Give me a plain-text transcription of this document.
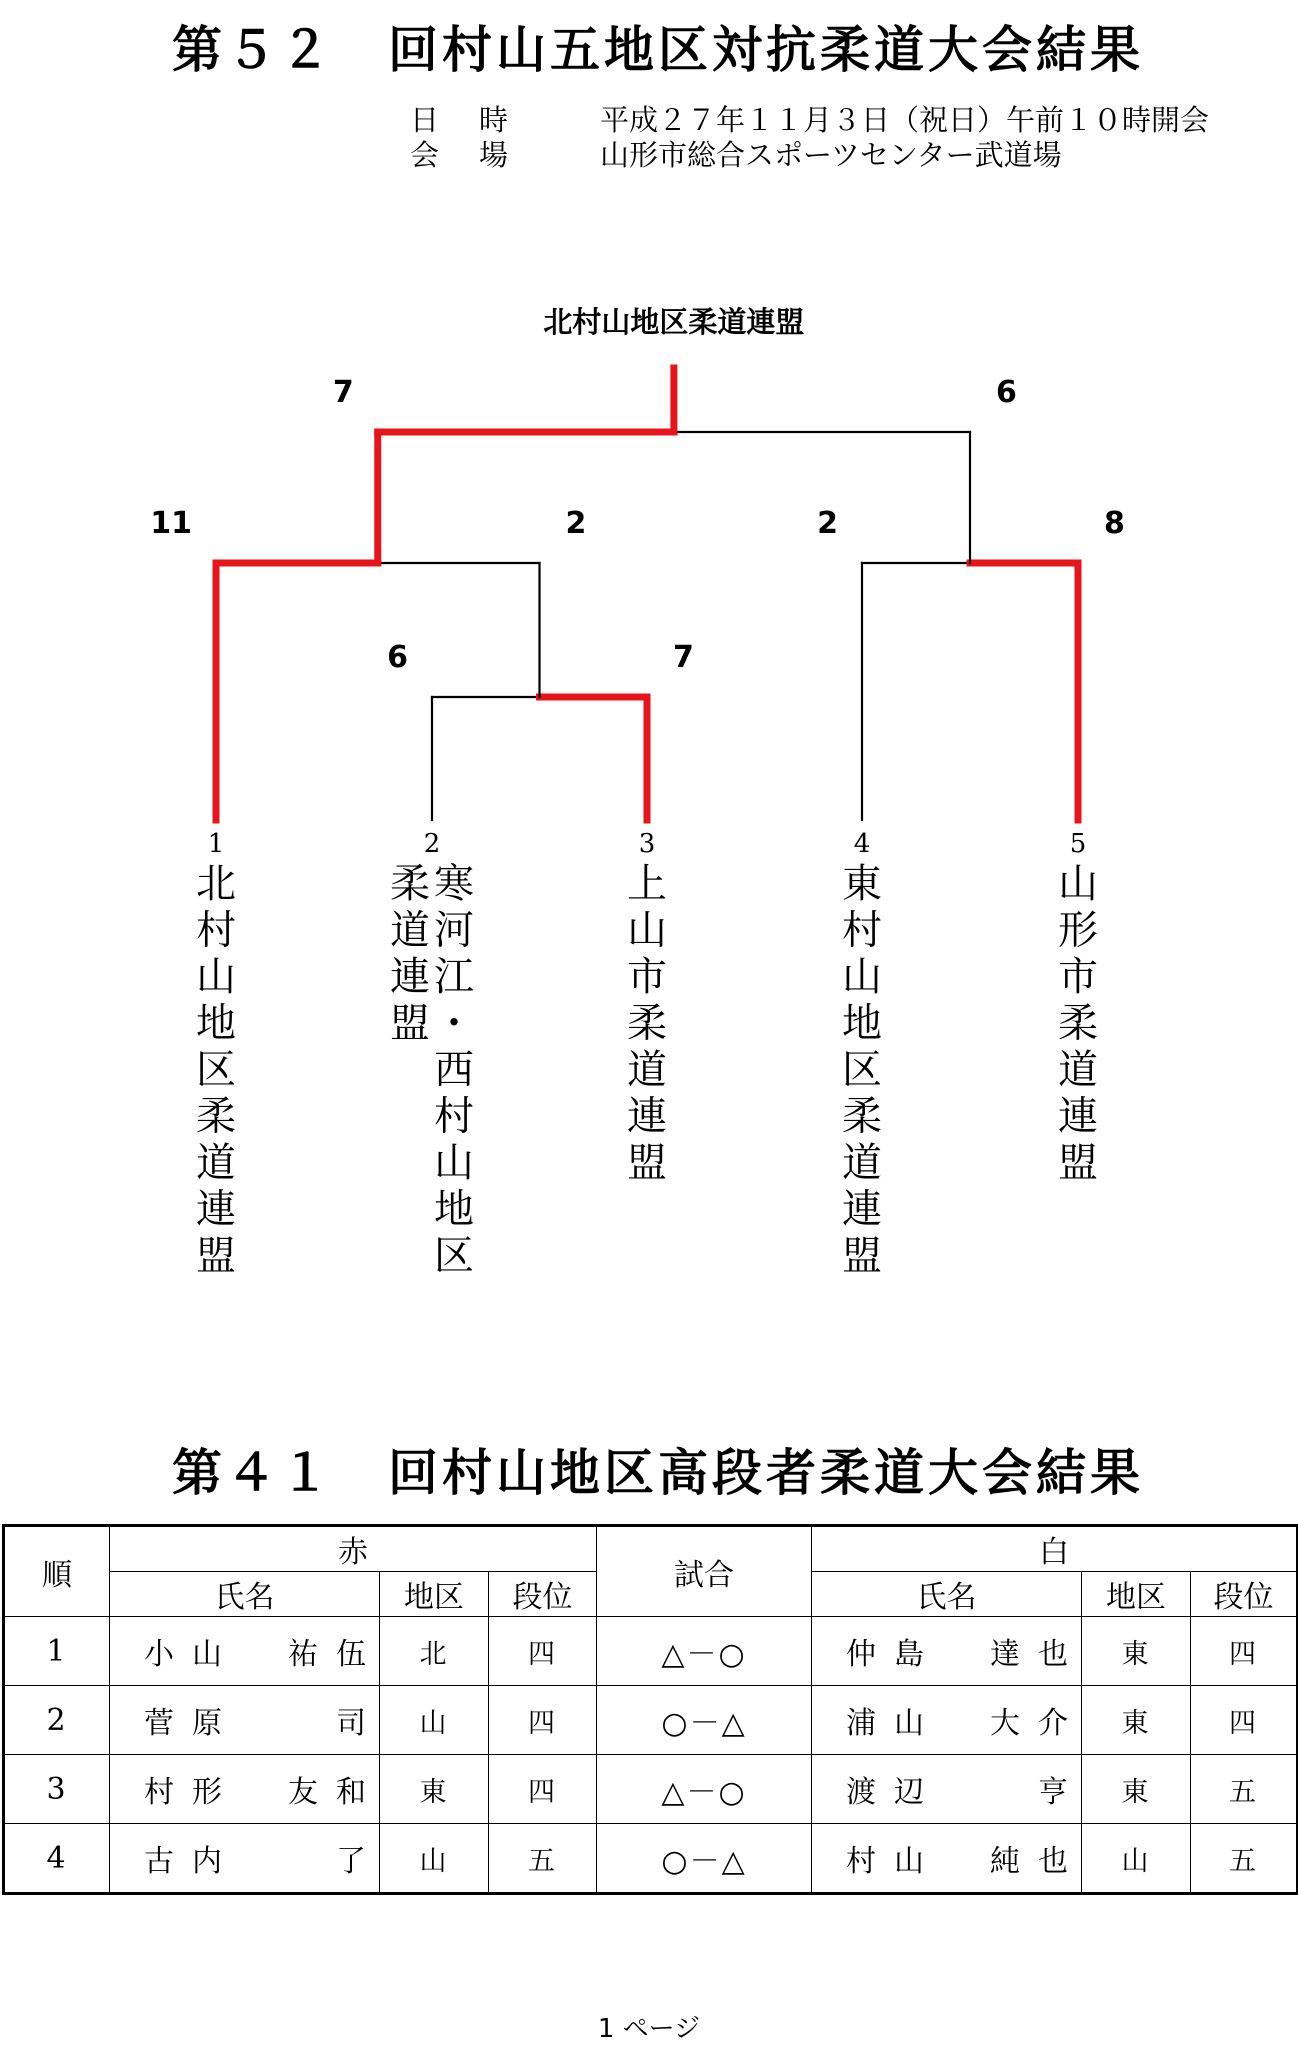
第５２　回村山五地区対抗柔道大会結果
日時 平成２７年１１月３日（祝日）午前１０時開会
会場 山形市総合スポーツセンター武道場
6	7
11	2	2	8
7	6
北村山地区柔道連盟
1
北
村
山
地
区
柔
道
連
盟
2
寒
河
江
・
西
村
山
地
区
柔
道
連
盟
3
上
山
市
柔
道
連
盟
4
東
村
山
地
区
柔
道
連
盟
5
山
形
市
柔
道
連
盟
第４１　回村山地区高段者柔道大会結果
順	赤			試合	白		
	氏名	地区	段位		氏名	地区	段位
1	小山　祐伍	北	四	△－○	仲島　達也	東	四
2	菅原　　司	山	四	○－△	浦山　大介	東	四
3	村形　友和	東	四	△－○	渡辺　　亨	東	五
4	古内　　了	山	五	○－△	村山　純也	山	五
1 ページ
